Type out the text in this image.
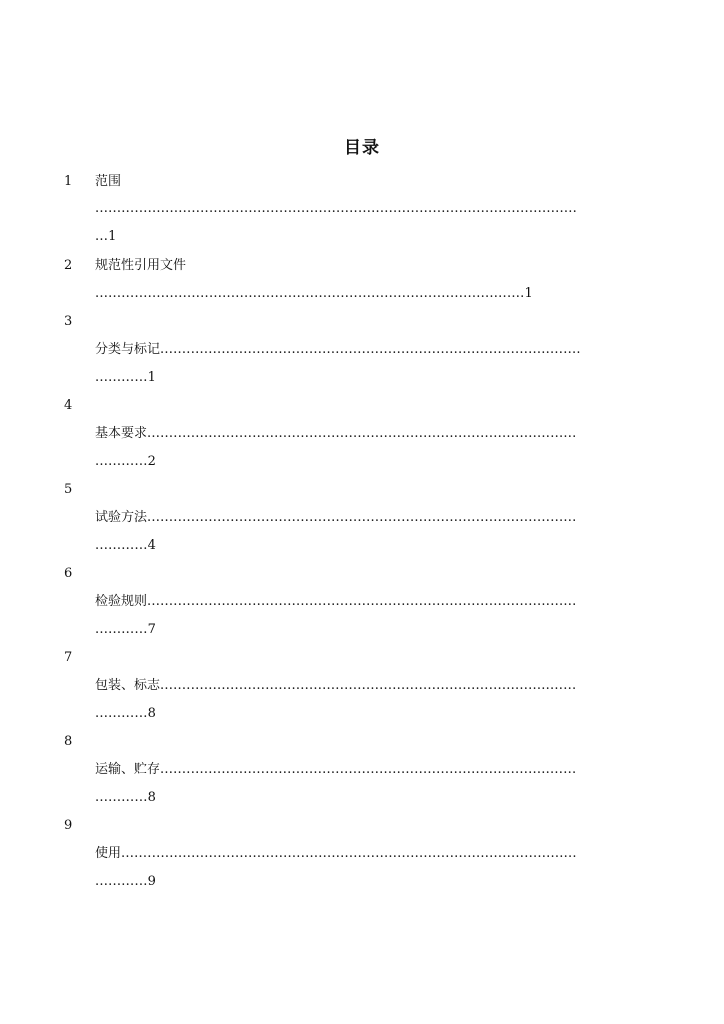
目录
1 范围
..............................................................................................................
...1
2 规范性引用文件
..................................................................................................1
3
分类与标记................................................................................................
............1
4
基本要求..................................................................................................
............2
5
试验方法..................................................................................................
............4
6
检验规则..................................................................................................
............7
7
包装、标志...............................................................................................
............8
8
运输、贮存...............................................................................................
............8
9
使用........................................................................................................
............9
